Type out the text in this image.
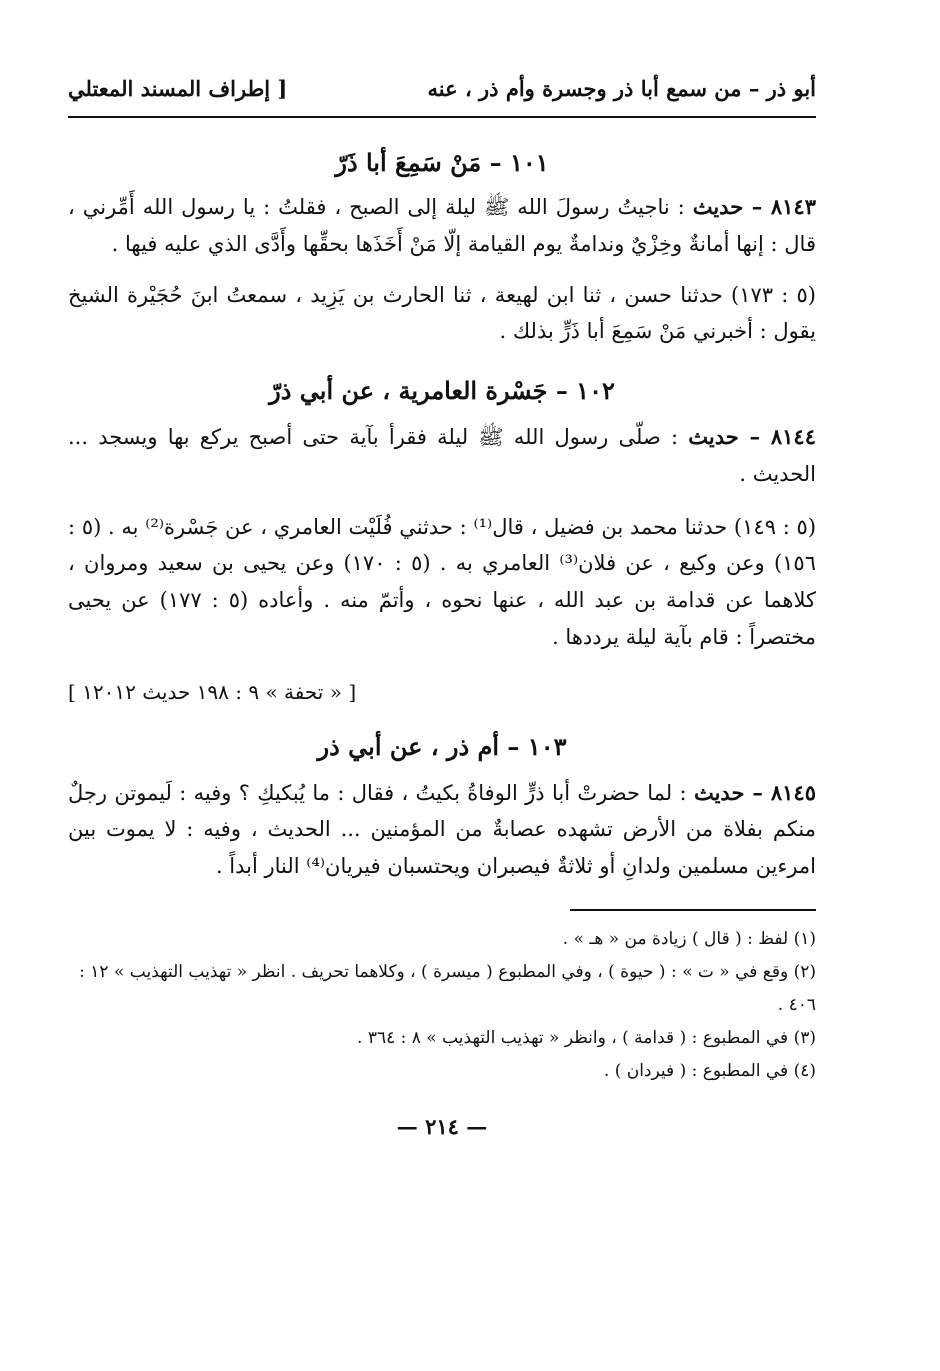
أبو ذر – من سمع أبا ذر وجسرة وأم ذر ، عنه
[ إطراف المسند المعتلي
١٠١ – مَنْ سَمِعَ أبا ذَرّ

٨١٤٣ – حديث : ناجيتُ رسولَ الله ﷺ ليلة إلى الصبح ، فقلتُ : يا رسول الله أَمِّرني ، قال : إنها أمانةٌ وخِزْيٌ وندامةٌ يوم القيامة إلّا مَنْ أَخَذَها بحقِّها وأَدَّى الذي عليه فيها .

(٥ : ١٧٣) حدثنا حسن ، ثنا ابن لهيعة ، ثنا الحارث بن يَزِيد ، سمعتُ ابنَ حُجَيْرة الشيخ يقول : أخبرني مَنْ سَمِعَ أبا ذَرٍّ بذلك .

١٠٢ – جَسْرة العامرية ، عن أبي ذرّ

٨١٤٤ – حديث : صلّى رسول الله ﷺ ليلة فقرأ بآية حتى أصبح يركع بها ويسجد ... الحديث .

(٥ : ١٤٩) حدثنا محمد بن فضيل ، قال⁽¹⁾ : حدثني فُلَيْت العامري ، عن جَسْرة⁽²⁾ به . (٥ : ١٥٦) وعن وكيع ، عن فلان⁽³⁾ العامري به . (٥ : ١٧٠) وعن يحيى بن سعيد ومروان ، كلاهما عن قدامة بن عبد الله ، عنها نحوه ، وأتمّ منه . وأعاده (٥ : ١٧٧) عن يحيى مختصراً : قام بآية ليلة يرددها .

[ « تحفة » ٩ : ١٩٨ حديث ١٢٠١٢ ]
١٠٣ – أم ذر ، عن أبي ذر

٨١٤٥ – حديث : لما حضرتْ أبا ذرٍّ الوفاةُ بكيتُ ، فقال : ما يُبكيكِ ؟ وفيه : لَيموتن رجلٌ منكم بفلاة من الأرض تشهده عصابةٌ من المؤمنين ... الحديث ، وفيه : لا يموت بين امرءين مسلمين ولدانِ أو ثلاثةٌ فيصبران ويحتسبان فيريان⁽⁴⁾ النار أبداً .

(١) لفظ : ( قال ) زيادة من « هـ » .

(٢) وقع في « ت » : ( حيوة ) ، وفي المطبوع ( ميسرة ) ، وكلاهما تحريف . انظر « تهذيب التهذيب » ١٢ : ٤٠٦ .

(٣) في المطبوع : ( قدامة ) ، وانظر « تهذيب التهذيب » ٨ : ٣٦٤ .

(٤) في المطبوع : ( فيردان ) .

— ٢١٤ —
